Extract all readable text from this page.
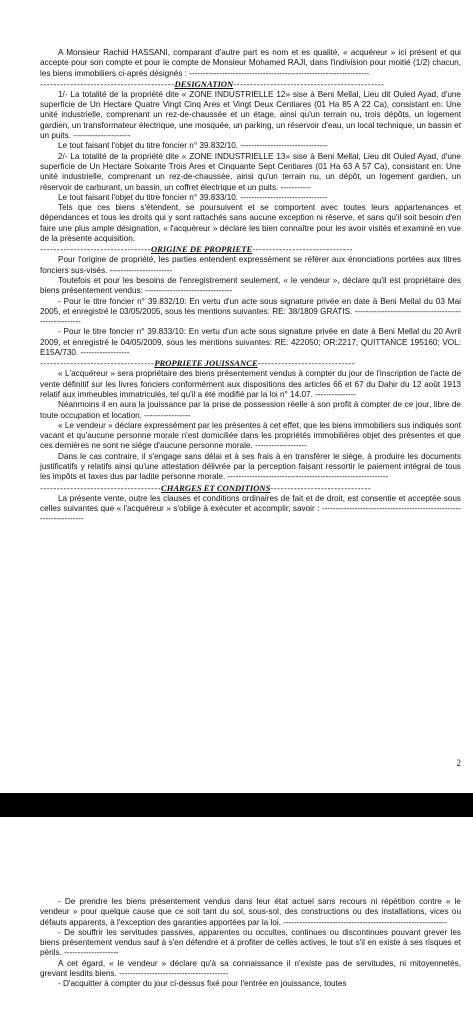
A Monsieur Rachid HASSANI, comparant d'autre part es nom et es qualité, « acquéreur » ici présent et qui accepte pour son compte et pour le compte de Monsieur Mohamed RAJI, dans l'indivision pour moitié (1/2) chacun, les biens immobiliers ci-après désignés : ------------------------------------------------------------------

----------------------------------------DESIGNATION---------------------------------------------

1/- La totalité de la propriété dite « ZONE INDUSTRIELLE 12» sise à Beni Mellal, Lieu dit Ouled Ayad, d'une superficie de Un Hectare Quatre Vingt Cinq Ares et Vingt Deux Centiares (01 Ha 85 A 22 Ca), consistant en: Une unité industrielle, comprenant un rez-de-chaussée et un étage, ainsi qu'un terrain nu, trois dépôts, un logement gardien, un transformateur électrique, une mosquée, un parking, un réservoir d'eau, un local technique, un bassin et un puits. ---------------------

Le tout faisant l'objet du titre foncier n° 39.832/10. --------------------------------

2/- La totalité de la propriété dite « ZONE INDUSTRIELLE 13» sise à Beni Mellal, Lieu dit Ouled Ayad, d'une superficie de Un Hectare Soixante Trois Ares et Cinquante Sept Centiares (01 Ha 63 A 57 Ca), consistant en: Une unité industrielle, comprenant un rez-de-chaussée, ainsi qu'un terrain nu, un dépôt, un logement gardien, un réservoir de carburant, un bassin, un coffret électrique et un puits. -----------

Le tout faisant l'objet du titre foncier n° 39.833/10. --------------------------------

Tels que ces biens s'étendent, se poursuivent et se comportent avec toutes leurs appartenances et dépendances et tous les droits qui y sont rattachés sans aucune exception ni réserve, et sans qu'il soit besoin d'en faire une plus ample désignation, « l'acquéreur » déclare les bien connaître pour les avoir visités et examiné en vue de la présente acquisition.

---------------------------------ORIGINE DE PROPRIETE------------------------------

Pour l'origine de propriété, les parties entendent expressément se référer aux énonciations portées aux titres fonciers sus-visés. -----------------------

Toutefois et pour les besoins de l'enregistrement seulement, « le vendeur », déclare qu'il est propriétaire des biens présentement vendus: --------------------------------

- Pour le titre foncier n° 39.832/10: En vertu d'un acte sous signature privée en date à Beni Mellal du 03 Mai 2005, et enregistré le 03/05/2005, sous les mentions suivantes: RE: 38/1809 GRATIS. ------------------------------------------------------

- Pour le titre foncier n° 39.833/10: En vertu d'un acte sous signature privée en date à Beni Mellal du 20 Avril 2009, et enregistré le 04/05/2009, sous les mentions suivantes: RE: 422050; OR:2217; QUITTANCE 195160; VOL: E15A/730. ------------------

----------------------------------PROPRIETE JOUISSANCE-----------------------------

« L'acquéreur » sera propriétaire des biens présentement vendus à compter du jour de l'inscription de l'acte de vente définitif sur les livres fonciers conformément aux dispositions des articles 66 et 67 du Dahir du 12 août 1913 relatif aux immeubles immatriculés, tel qu'il a été modifié par la loi n° 14.07. ---------------

Néanmoins il en aura la jouissance par la prise de possession réelle à son profit à compter de ce jour, libre de toute occupation et location. -----------------

« Le vendeur » déclare expressément par les présentes à cet effet, que les biens immobiliers sus indiqués sont vacant et qu'aucune personne morale n'est domiciliée dans les propriétés immobilières objet des présentes et que ces dernières ne sont ne siège d'aucune personne morale. -------------------

Dans le cas contraire, il s'engage sans délai et à ses frais à en transférer le siège, à produire les documents justificatifs y relatifs ainsi qu'une attestation délivrée par la perception faisant ressortir le paiement intégral de tous les impôts et taxes dus par ladite personne morale. -----------------------------------------------------------

------------------------------------CHARGES ET CONDITIONS------------------------------

La présente vente, outre les clauses et conditions ordinaires de fait et de droit, est consentie et acceptée sous celles suivantes que « l'acquéreur » s'oblige à exécuter et accomplir, savoir : -------------------------------------------------------------------

2

- De prendre les biens présentement vendus dans leur état actuel sans recours ni répétition contre « le vendeur » pour quelque cause que ce soit tant du sol, sous-sol, des constructions ou des installations, vices ou défauts apparents, à l'exception des garanties apportées par la loi. ------------------------------------------------------------

- De souffrir les servitudes passives, apparentes ou occultes, continues ou discontinues pouvant grever les biens présentement vendus sauf à s'en défendre et à profiter de celles actives, le tout s'il en existe à ses risques et périls. --------------------

A cet égard, « le vendeur » déclare qu'à sa connaissance il n'existe pas de servitudes, ni mitoyennetés, grevant lesdits biens. ----------------------------------------

- D'acquitter à compter du jour ci-dessus fixé pour l'entrée en jouissance, toutes
